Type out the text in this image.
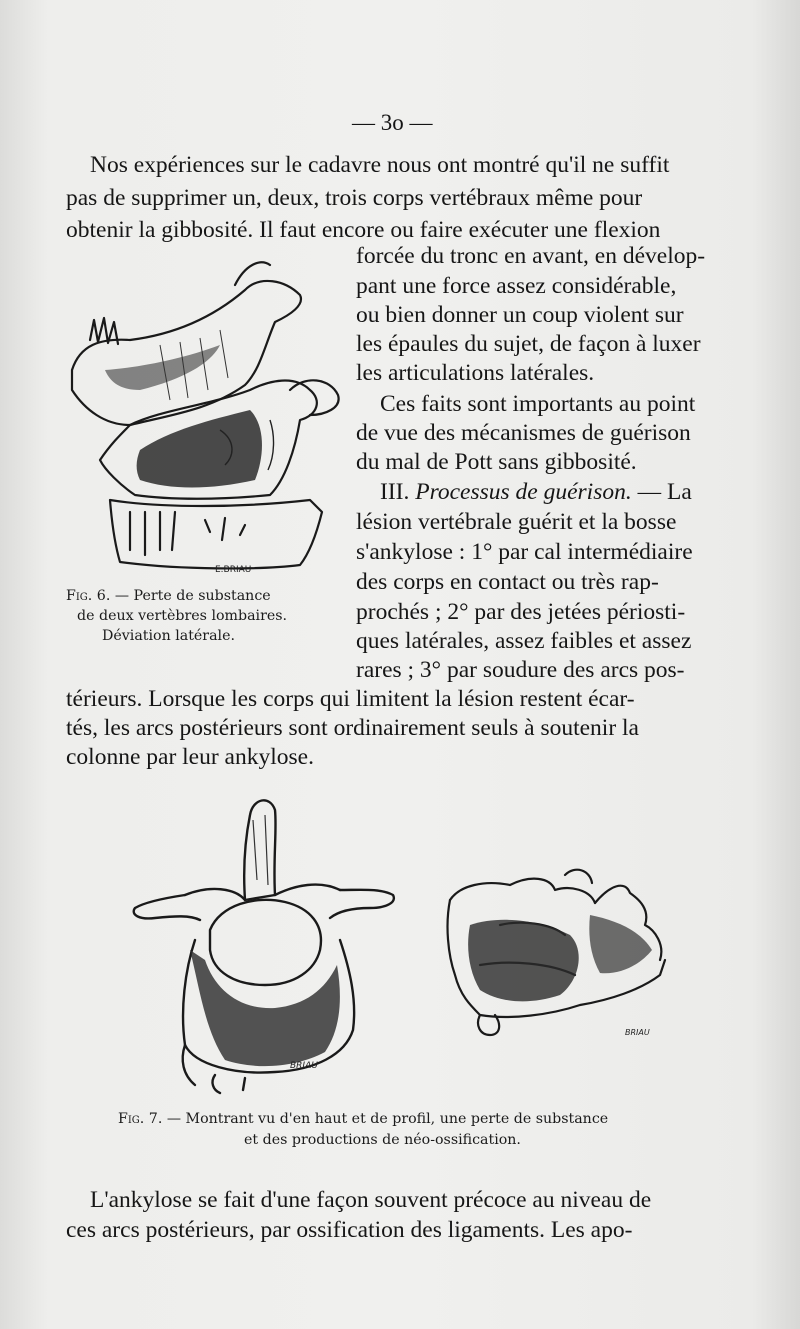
— 3o —
Nos expériences sur le cadavre nous ont montré qu'il ne suffit
pas de supprimer un, deux, trois corps vertébraux même pour
obtenir la gibbosité. Il faut encore ou faire exécuter une flexion
forcée du tronc en avant, en dévelop-
pant une force assez considérable,
ou bien donner un coup violent sur
les épaules du sujet, de façon à luxer
les articulations latérales.
Ces faits sont importants au point
de vue des mécanismes de guérison
du mal de Pott sans gibbosité.
III. Processus de guérison. — La
lésion vertébrale guérit et la bosse
s'ankylose : 1° par cal intermédiaire
des corps en contact ou très rap-
prochés ; 2° par des jetées périosti-
ques latérales, assez faibles et assez
rares ; 3° par soudure des arcs pos-
térieurs. Lorsque les corps qui limitent la lésion restent écar-
tés, les arcs postérieurs sont ordinairement seuls à soutenir la
colonne par leur ankylose.
E.BRIAU
Fig. 6. — Perte de substance
de deux vertèbres lombaires.
Déviation latérale.
BRIAU
BRIAU
Fig. 7. — Montrant vu d'en haut et de profil, une perte de substance
et des productions de néo-ossification.
L'ankylose se fait d'une façon souvent précoce au niveau de
ces arcs postérieurs, par ossification des ligaments. Les apo-
